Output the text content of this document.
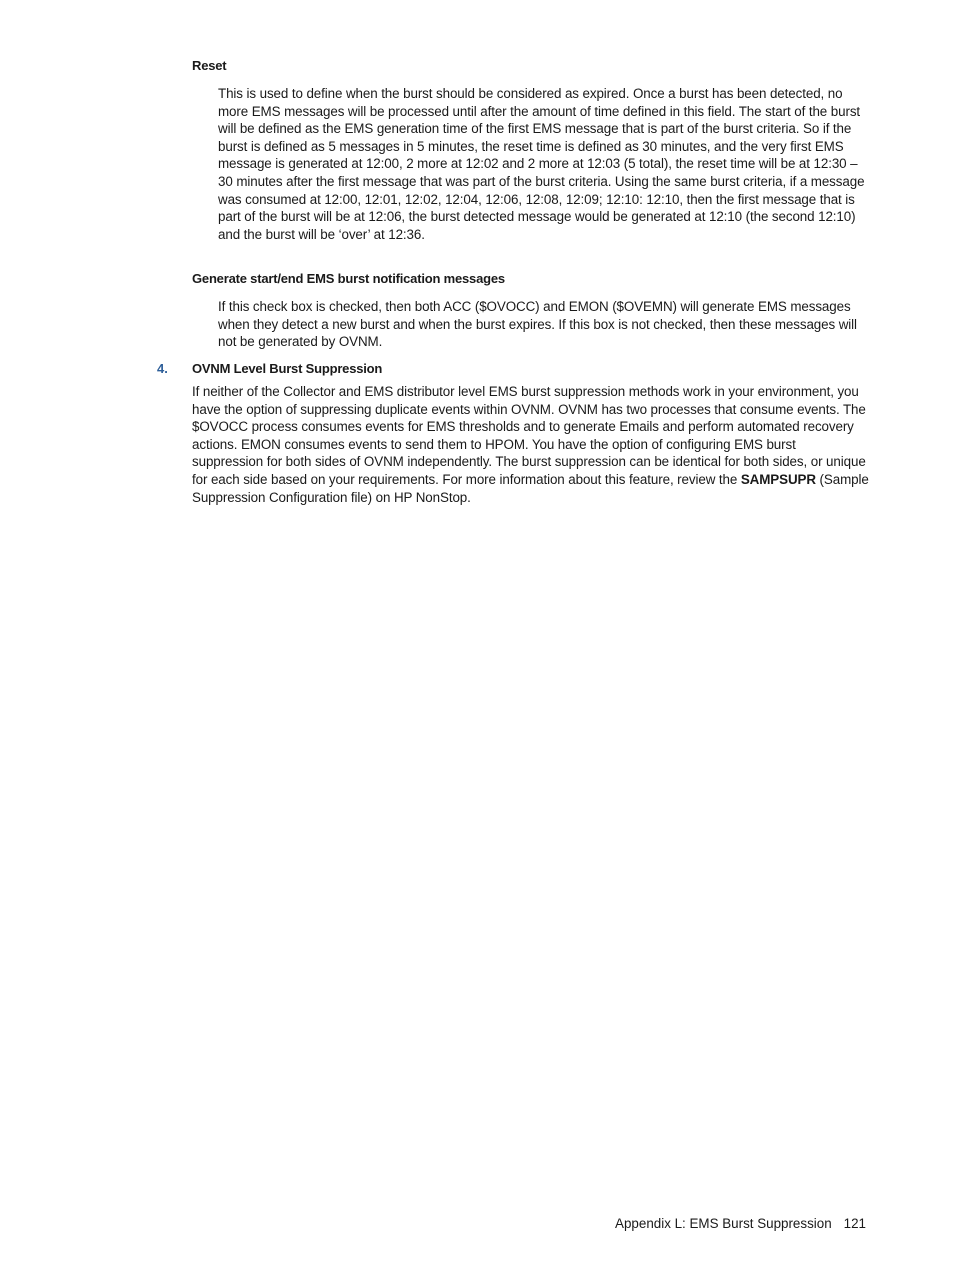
Reset

This is used to define when the burst should be considered as expired. Once a burst has been detected, no more EMS messages will be processed until after the amount of time defined in this field. The start of the burst will be defined as the EMS generation time of the first EMS message that is part of the burst criteria. So if the burst is defined as 5 messages in 5 minutes, the reset time is defined as 30 minutes, and the very first EMS message is generated at 12:00, 2 more at 12:02 and 2 more at 12:03 (5 total), the reset time will be at 12:30 – 30 minutes after the first message that was part of the burst criteria. Using the same burst criteria, if a message was consumed at 12:00, 12:01, 12:02, 12:04, 12:06, 12:08, 12:09; 12:10: 12:10, then the first message that is part of the burst will be at 12:06, the burst detected message would be generated at 12:10 (the second 12:10) and the burst will be ‘over’ at 12:36.

Generate start/end EMS burst notification messages

If this check box is checked, then both ACC ($OVOCC) and EMON ($OVEMN) will generate EMS messages when they detect a new burst and when the burst expires. If this box is not checked, then these messages will not be generated by OVNM.

4. OVNM Level Burst Suppression

If neither of the Collector and EMS distributor level EMS burst suppression methods work in your environment, you have the option of suppressing duplicate events within OVNM. OVNM has two processes that consume events. The $OVOCC process consumes events for EMS thresholds and to generate Emails and perform automated recovery actions. EMON consumes events to send them to HPOM. You have the option of configuring EMS burst suppression for both sides of OVNM independently. The burst suppression can be identical for both sides, or unique for each side based on your requirements. For more information about this feature, review the SAMPSUPR (Sample Suppression Configuration file) on HP NonStop.

Appendix L: EMS Burst Suppression 121
